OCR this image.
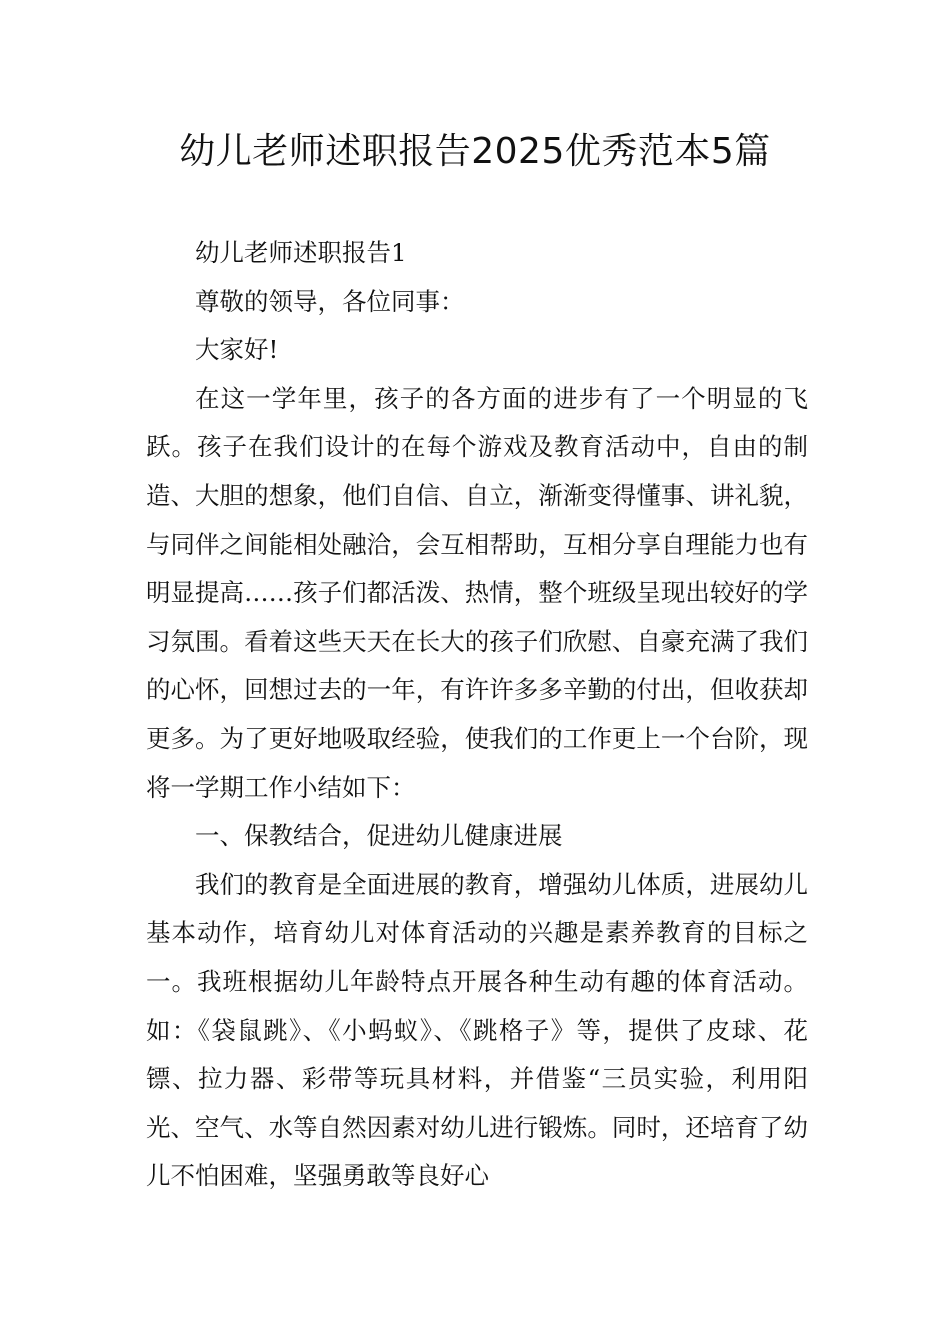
幼儿老师述职报告2025优秀范本5篇

幼儿老师述职报告1

尊敬的领导，各位同事：

大家好!

在这一学年里，孩子的各方面的进步有了一个明显的飞跃。孩子在我们设计的在每个游戏及教育活动中，自由的制造、大胆的想象，他们自信、自立，渐渐变得懂事、讲礼貌，与同伴之间能相处融洽，会互相帮助，互相分享自理能力也有明显提高……孩子们都活泼、热情，整个班级呈现出较好的学习氛围。看着这些天天在长大的孩子们欣慰、自豪充满了我们的心怀，回想过去的一年，有许许多多辛勤的付出，但收获却更多。为了更好地吸取经验，使我们的工作更上一个台阶，现将一学期工作小结如下：

一、保教结合，促进幼儿健康进展

我们的教育是全面进展的教育，增强幼儿体质，进展幼儿基本动作，培育幼儿对体育活动的兴趣是素养教育的目标之一。我班根据幼儿年龄特点开展各种生动有趣的体育活动。如：《袋鼠跳》、《小蚂蚁》、《跳格子》等，提供了皮球、花镖、拉力器、彩带等玩具材料，并借鉴“三员实验，利用阳光、空气、水等自然因素对幼儿进行锻炼。同时，还培育了幼儿不怕困难，坚强勇敢等良好心
